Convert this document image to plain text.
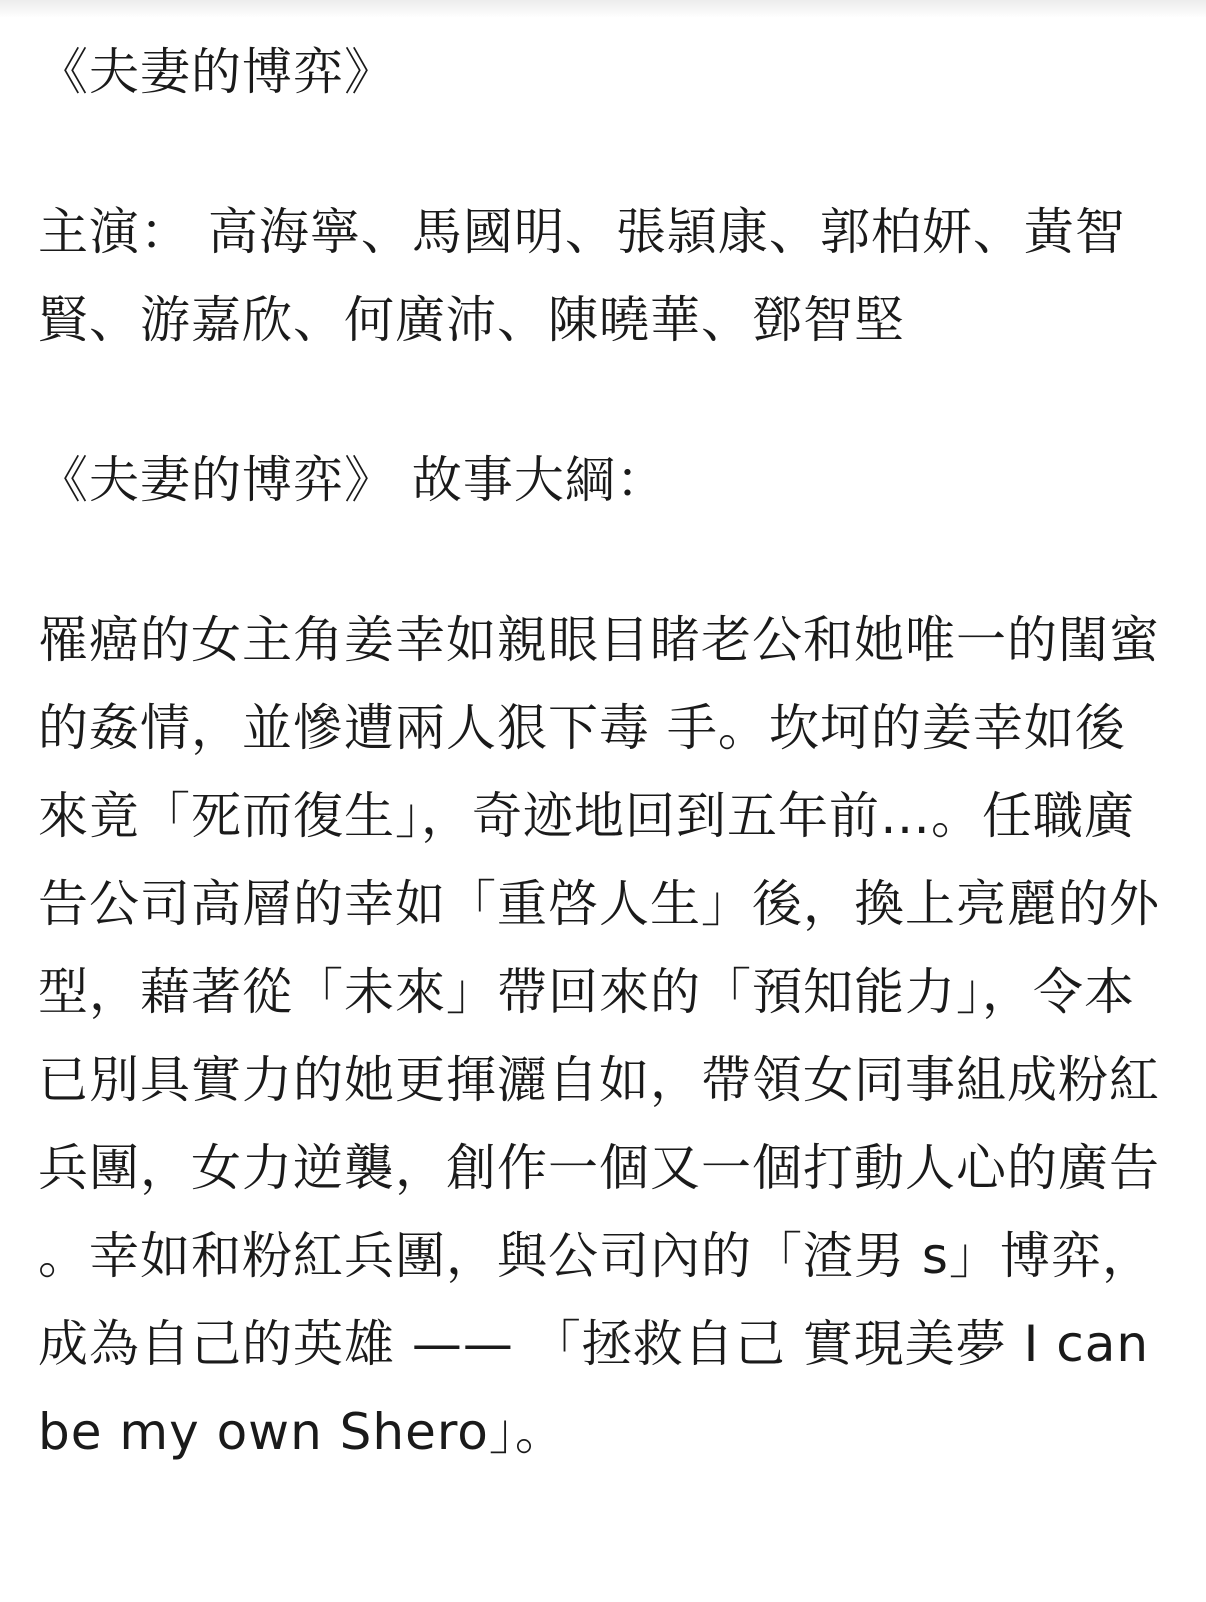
《夫妻的博弈》

主演： 高海寧、馬國明、張頴康、郭柏妍、黃智賢、游嘉欣、何廣沛、陳曉華、鄧智堅

《夫妻的博弈》 故事大綱：

罹癌的女主角姜幸如親眼目睹老公和她唯一的閨蜜的姦情，並慘遭兩人狠下毒 手。坎坷的姜幸如後來竟「死而復生」，奇迹地回到五年前…。任職廣告公司高層的幸如「重啓人生」後，換上亮麗的外型，藉著從「未來」帶回來的「預知能力」，令本已別具實力的她更揮灑自如，帶領女同事組成粉紅兵團，女力逆襲，創作一個又一個打動人心的廣告。幸如和粉紅兵團，與公司內的「渣男 s」博弈，成為自己的英雄 —— 「拯救自己 實現美夢 I can be my own Shero」。
